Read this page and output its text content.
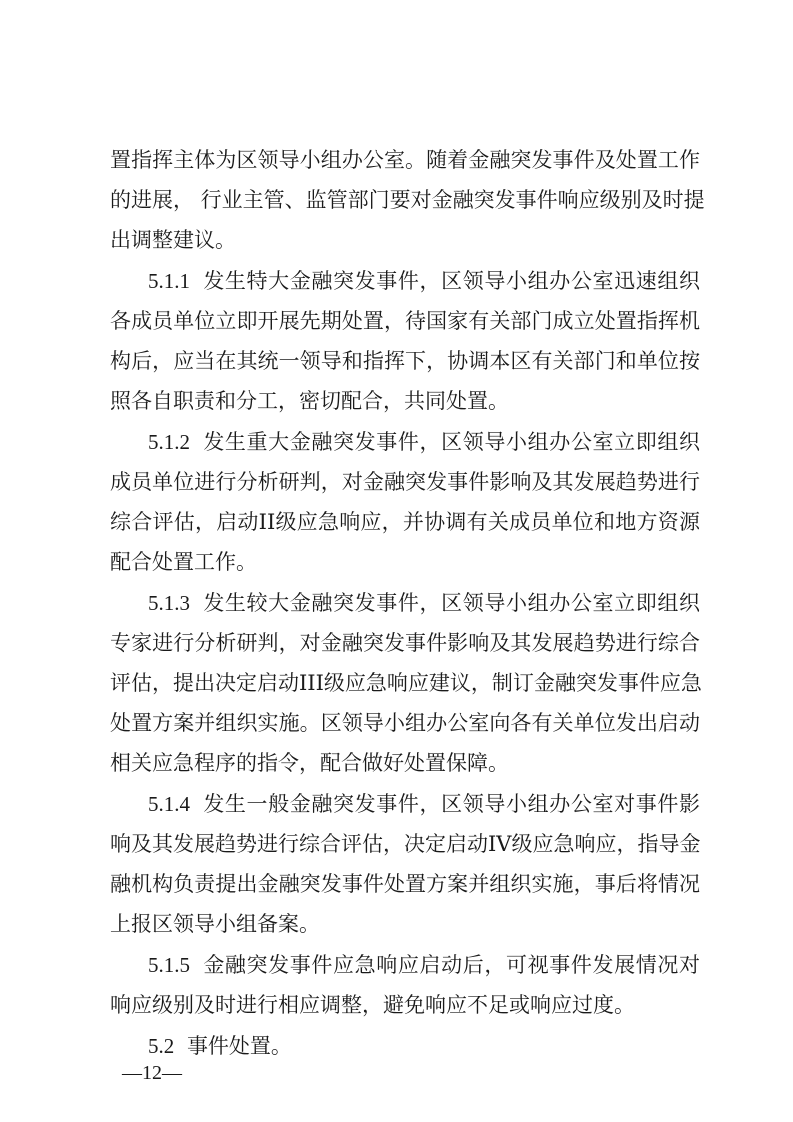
置指挥主体为区领导小组办公室。随着金融突发事件及处置工作
的进展， 行业主管、监管部门要对金融突发事件响应级别及时提
出调整建议。
5.1.1 发生特大金融突发事件，区领导小组办公室迅速组织
各成员单位立即开展先期处置，待国家有关部门成立处置指挥机
构后，应当在其统一领导和指挥下，协调本区有关部门和单位按
照各自职责和分工，密切配合，共同处置。
5.1.2 发生重大金融突发事件，区领导小组办公室立即组织
成员单位进行分析研判，对金融突发事件影响及其发展趋势进行
综合评估，启动II级应急响应，并协调有关成员单位和地方资源
配合处置工作。
5.1.3 发生较大金融突发事件，区领导小组办公室立即组织
专家进行分析研判，对金融突发事件影响及其发展趋势进行综合
评估，提出决定启动III级应急响应建议，制订金融突发事件应急
处置方案并组织实施。区领导小组办公室向各有关单位发出启动
相关应急程序的指令，配合做好处置保障。
5.1.4 发生一般金融突发事件，区领导小组办公室对事件影
响及其发展趋势进行综合评估，决定启动IV级应急响应，指导金
融机构负责提出金融突发事件处置方案并组织实施，事后将情况
上报区领导小组备案。
5.1.5 金融突发事件应急响应启动后，可视事件发展情况对
响应级别及时进行相应调整，避免响应不足或响应过度。
5.2 事件处置。
—12—
